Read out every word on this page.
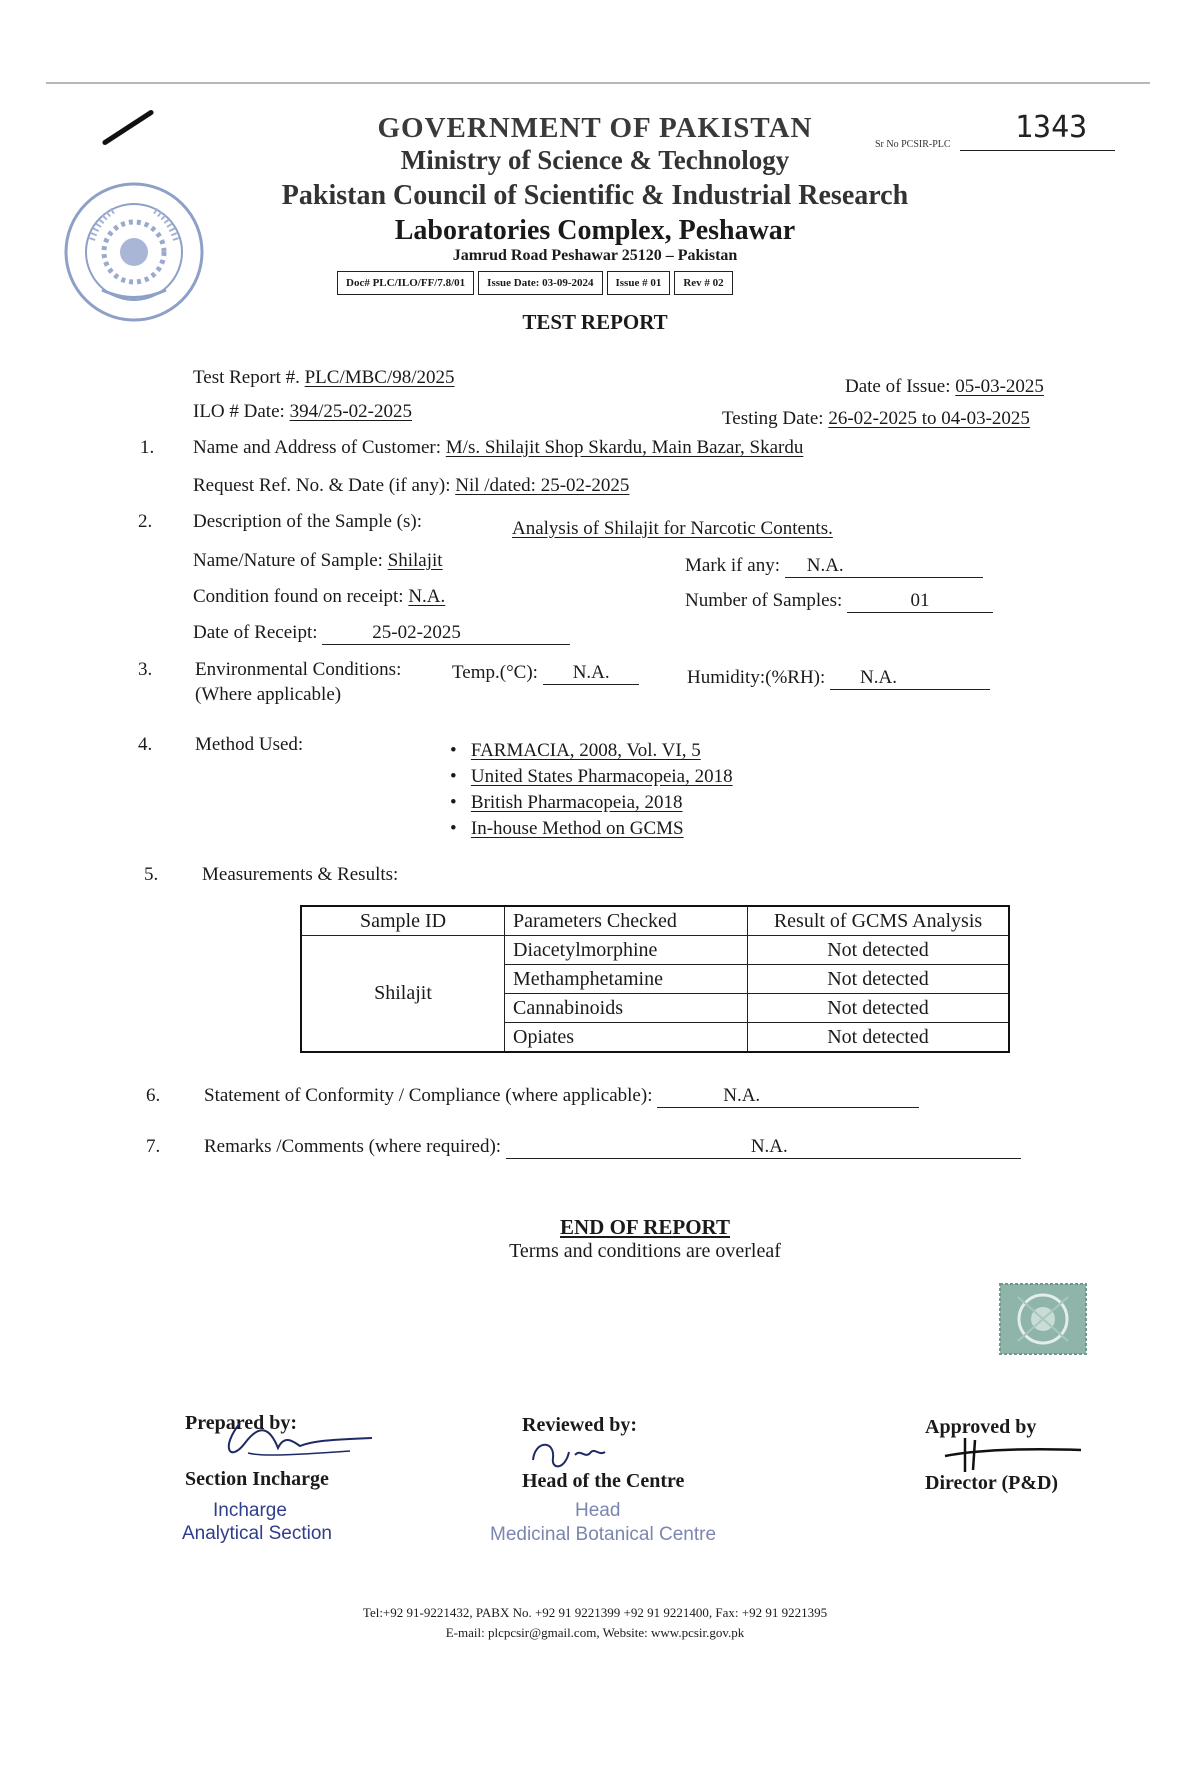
GOVERNMENT OF PAKISTAN
Ministry of Science & Technology
Pakistan Council of Scientific & Industrial Research
Laboratories Complex, Peshawar
Jamrud Road Peshawar 25120 – Pakistan
Doc# PLC/ILO/FF/7.8/01	Issue Date: 03-09-2024	Issue # 01	Rev # 02
Sr No PCSIR-PLC 1343
TEST REPORT
Test Report #. PLC/MBC/98/2025	Date of Issue: 05-03-2025
ILO # Date: 394/25-02-2025	Testing Date: 26-02-2025 to 04-03-2025
1. Name and Address of Customer: M/s. Shilajit Shop Skardu, Main Bazar, Skardu
Request Ref. No. & Date (if any): Nil /dated: 25-02-2025
2. Description of the Sample (s):	Analysis of Shilajit for Narcotic Contents.
Name/Nature of Sample: Shilajit	Mark if any: N.A.
Condition found on receipt: N.A.	Number of Samples:	01
Date of Receipt:	25-02-2025
3. Environmental Conditions:
(Where applicable)
Temp.(°C): N.A.	Humidity:(%RH): N.A.
4. Method Used:	•   FARMACIA, 2008, Vol. VI, 5
•   United States Pharmacopeia, 2018
•   British Pharmacopeia, 2018
•   In-house Method on GCMS
5. Measurements & Results:
Sample ID	Parameters Checked	Result of GCMS Analysis
Shilajit	Diacetylmorphine	Not detected
	Methamphetamine	Not detected
	Cannabinoids	Not detected
	Opiates	Not detected
6. Statement of Conformity / Compliance (where applicable):	N.A.
7. Remarks /Comments (where required):	N.A.
END OF REPORT
Terms and conditions are overleaf
Prepared by:
Section Incharge
Incharge
Analytical Section
Reviewed by:
Head of the Centre
Head
Medicinal Botanical Centre
Approved by
Director (P&D)
Tel:+92 91-9221432, PABX No. +92 91 9221399 +92 91 9221400, Fax: +92 91 9221395
E-mail: plcpcsir@gmail.com, Website: www.pcsir.gov.pk
